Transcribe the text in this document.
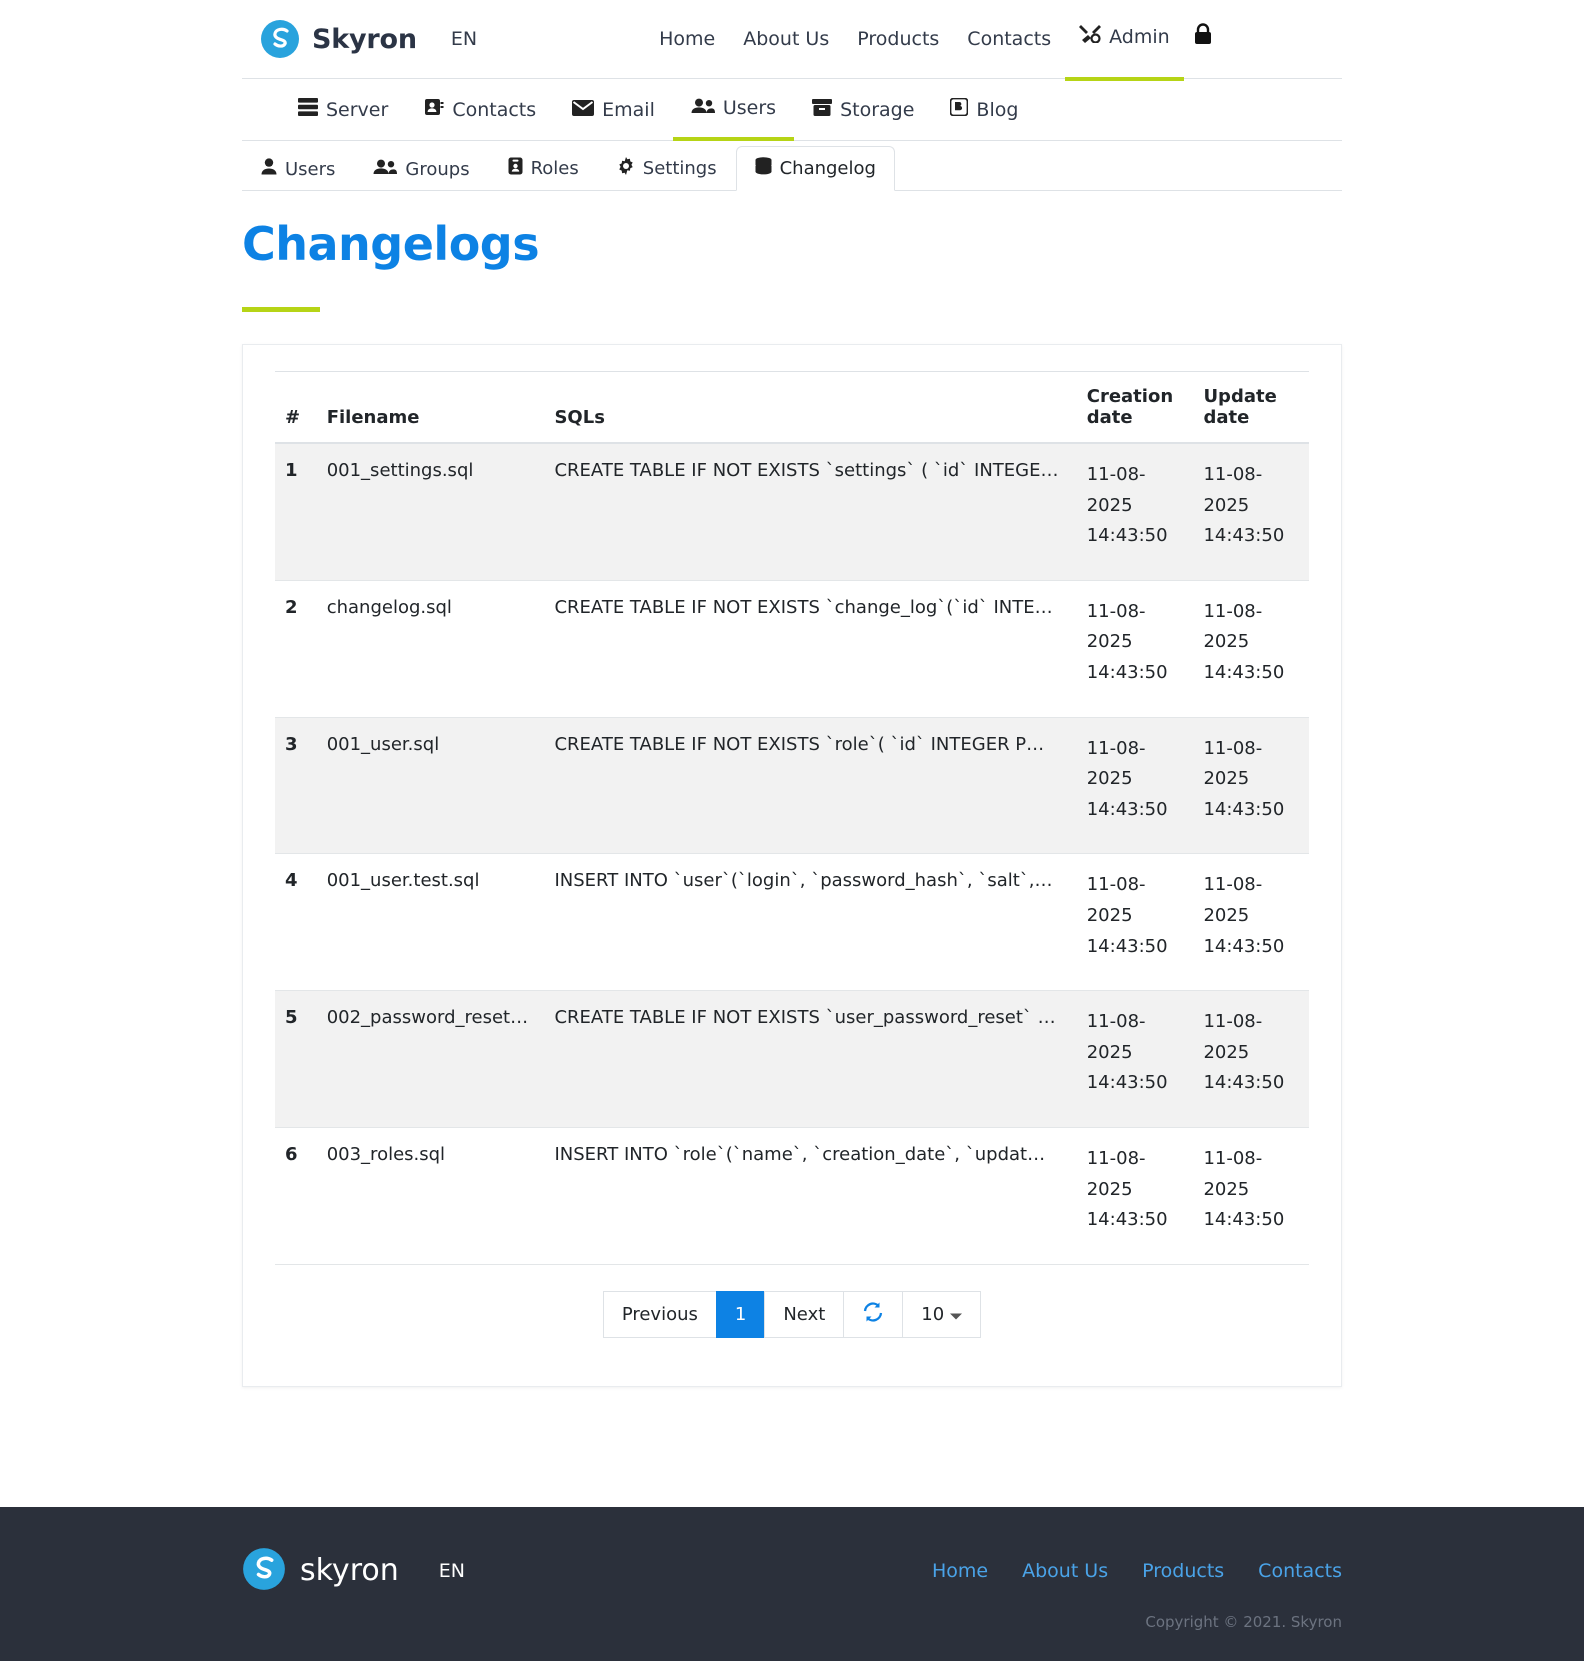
Skyron EN	Home	About Us	Products	Contacts	Admin
Server	Contacts	Email	Users	Storage	Blog
Users	Groups	Roles	Settings	Changelog
Changelogs
#	Filename	SQLs	Creation date	Update date
1	001_settings.sql	CREATE TABLE IF NOT EXISTS `settings` ( `id` INTEGE…	11-08-2025 14:43:50	11-08-2025 14:43:50
2	changelog.sql	CREATE TABLE IF NOT EXISTS `change_log`(`id` INTE…	11-08-2025 14:43:50	11-08-2025 14:43:50
3	001_user.sql	CREATE TABLE IF NOT EXISTS `role`( `id` INTEGER P…	11-08-2025 14:43:50	11-08-2025 14:43:50
4	001_user.test.sql	INSERT INTO `user`(`login`, `password_hash`, `salt`,…	11-08-2025 14:43:50	11-08-2025 14:43:50
5	002_password_reset…	CREATE TABLE IF NOT EXISTS `user_password_reset` …	11-08-2025 14:43:50	11-08-2025 14:43:50
6	003_roles.sql	INSERT INTO `role`(`name`, `creation_date`, `updat…	11-08-2025 14:43:50	11-08-2025 14:43:50
Previous	1	Next	10
skyron EN	Home About Us Products Contacts
Copyright © 2021. Skyron
